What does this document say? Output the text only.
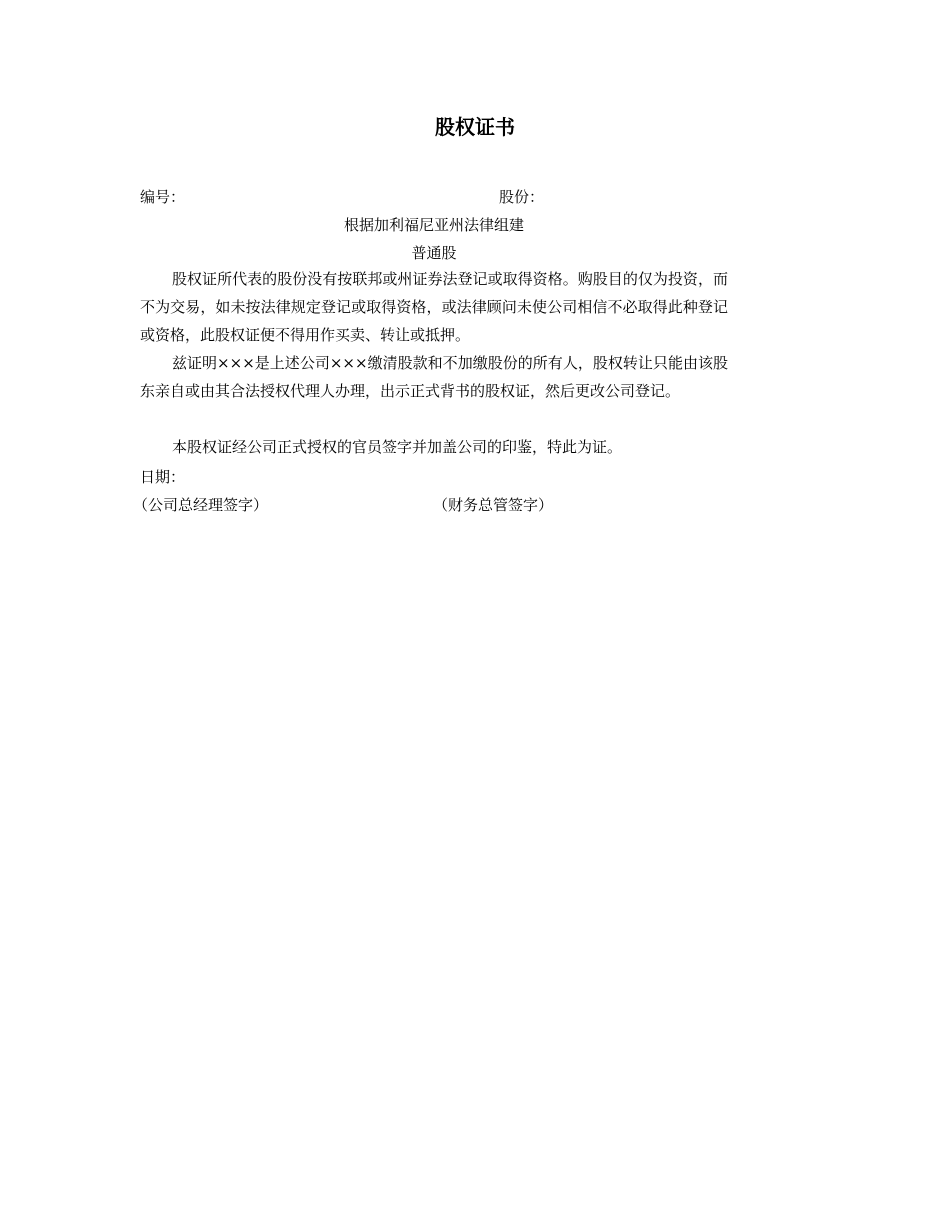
股权证书
编号：	股份：
根据加利福尼亚州法律组建
普通股
股权证所代表的股份没有按联邦或州证券法登记或取得资格。购股目的仅为投资，而不为交易，如未按法律规定登记或取得资格，或法律顾问未使公司相信不必取得此种登记或资格，此股权证便不得用作买卖、转让或抵押。
兹证明×××是上述公司×××缴清股款和不加缴股份的所有人，股权转让只能由该股东亲自或由其合法授权代理人办理，出示正式背书的股权证，然后更改公司登记。
本股权证经公司正式授权的官员签字并加盖公司的印鉴，特此为证。
日期：
（公司总经理签字）	（财务总管签字）
